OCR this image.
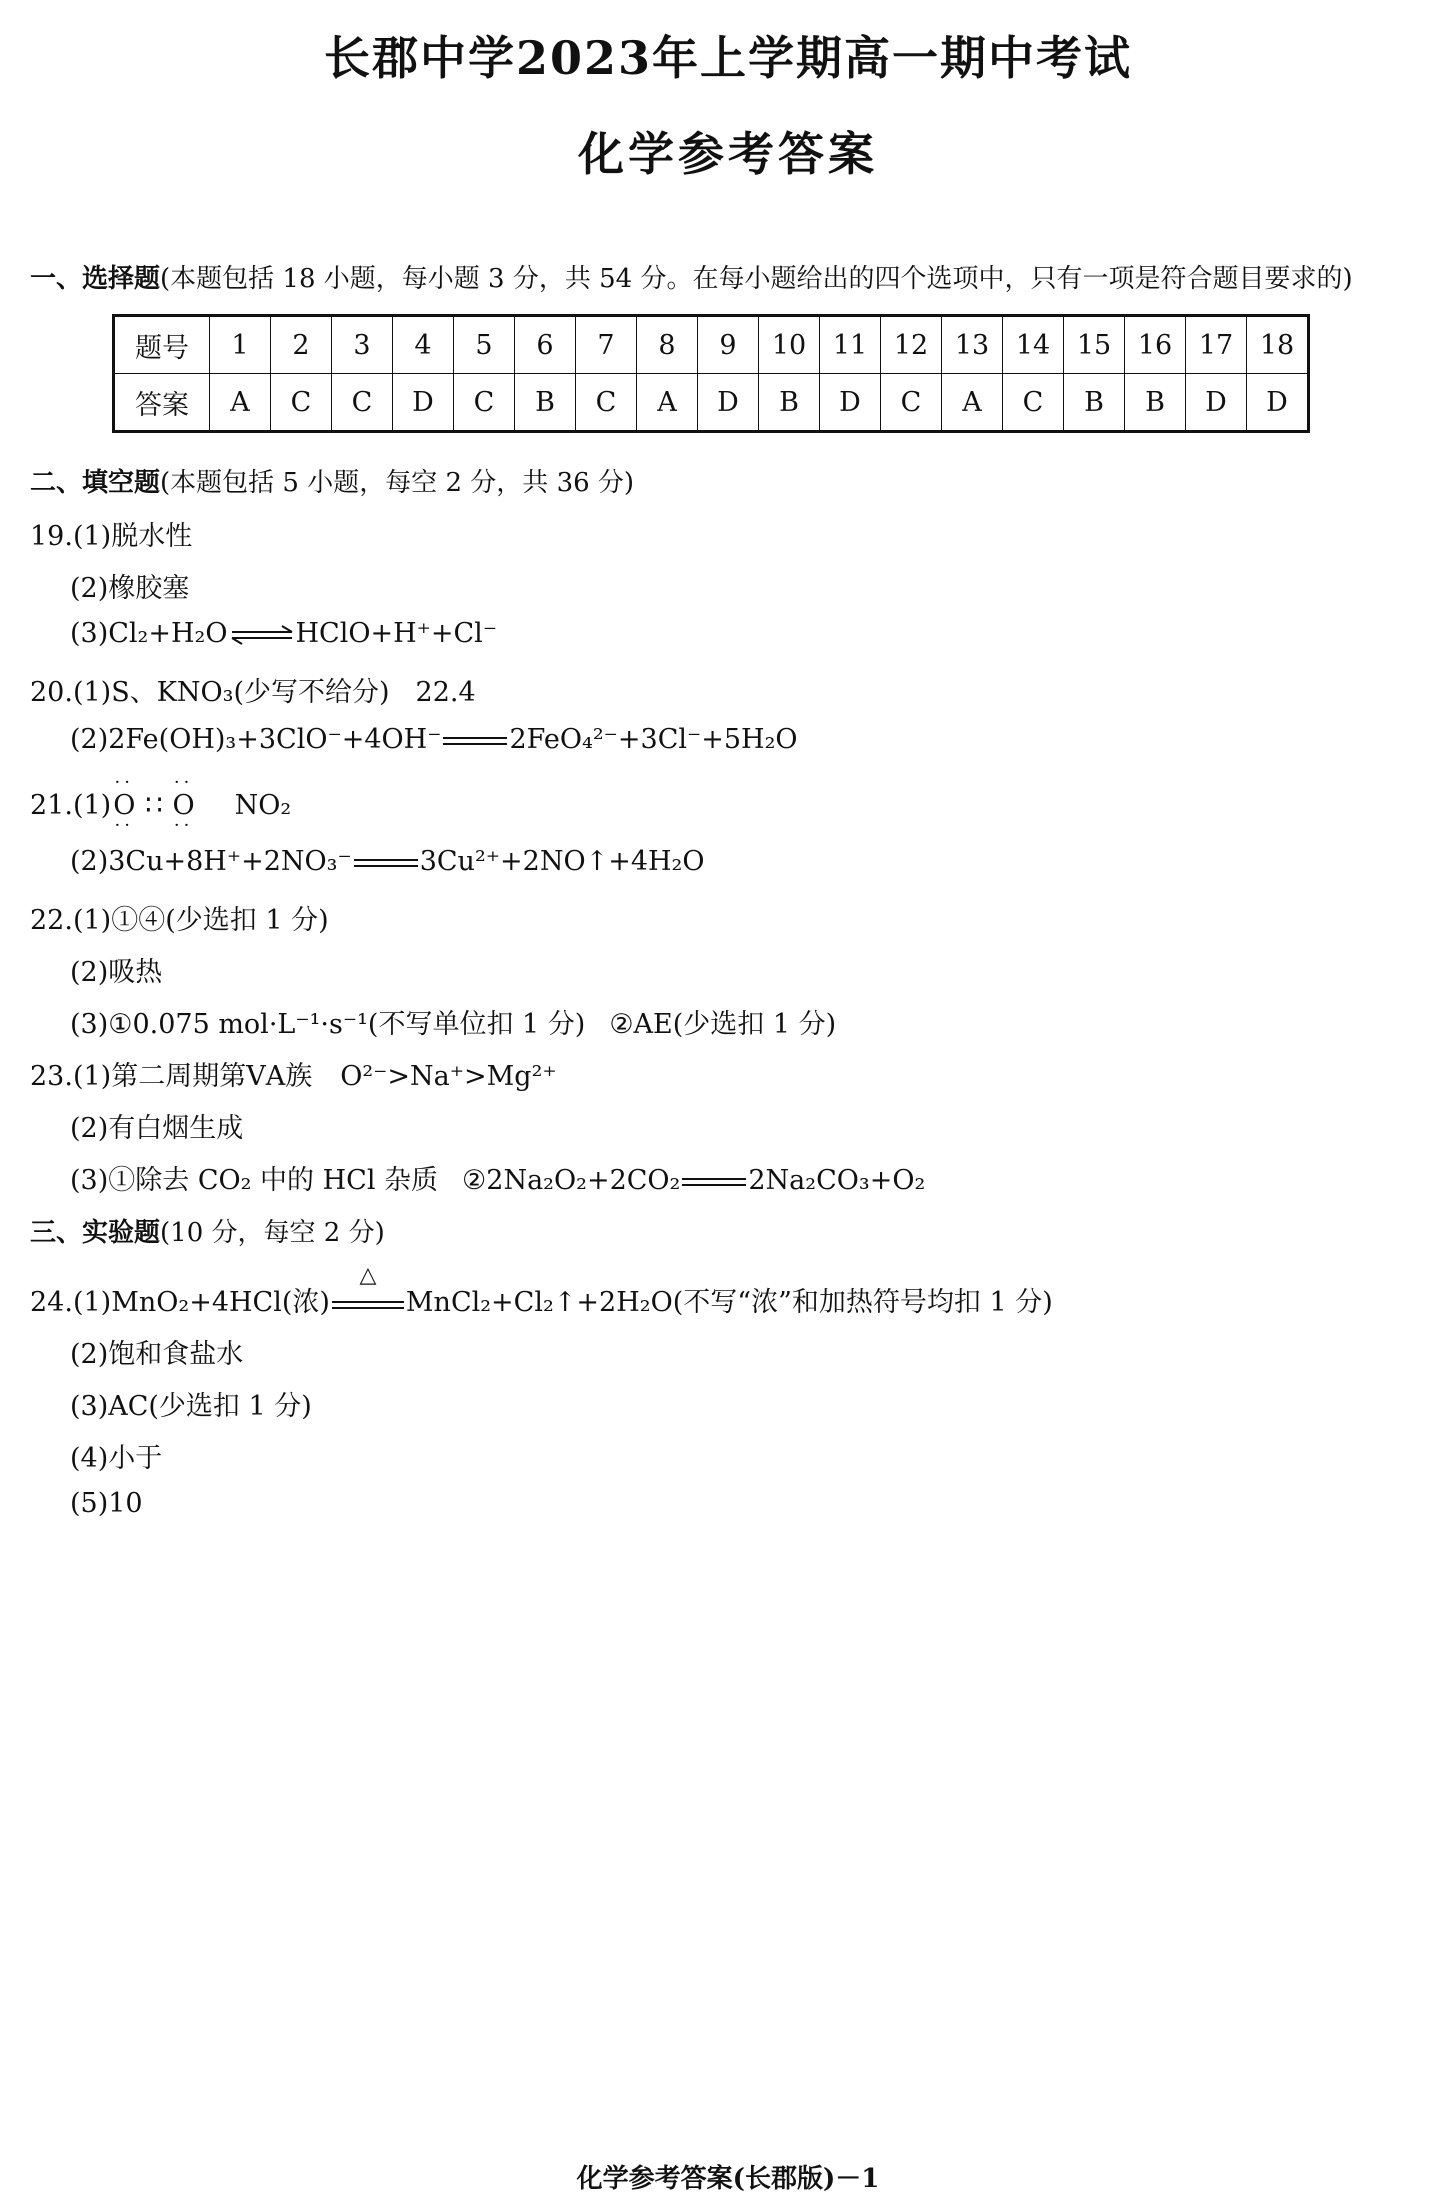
长郡中学2023年上学期高一期中考试
化学参考答案
一、选择题(本题包括 18 小题，每小题 3 分，共 54 分。在每小题给出的四个选项中，只有一项是符合题目要求的)
题号	1	2	3	4	5	6	7	8	9	10	11	12	13	14	15	16	17	18
答案	A	C	C	D	C	B	C	A	D	B	D	C	A	C	B	B	D	D
二、填空题(本题包括 5 小题，每空 2 分，共 36 分)
19.(1)脱水性
(2)橡胶塞
(3)Cl₂+H₂O ⇌ HClO+H⁺+Cl⁻
20.(1)S、KNO₃(少写不给分) 22.4
(2)2Fe(OH)₃+3ClO⁻+4OH⁻	2FeO₄²⁻+3Cl⁻+5H₂O
21.(1)
··
O
··
∷
··
O
··
NO₂
(2)3Cu+8H⁺+2NO₃⁻	3Cu²⁺+2NO↑+4H₂O
22.(1)①④(少选扣 1 分)
(2)吸热
(3)①0.075 mol·L⁻¹·s⁻¹(不写单位扣 1 分) ②AE(少选扣 1 分)
23.(1)第二周期第ⅤA族 O²⁻>Na⁺>Mg²⁺
(2)有白烟生成
(3)①除去 CO₂ 中的 HCl 杂质 ②2Na₂O₂+2CO₂	2Na₂CO₃+O₂
三、实验题(10 分，每空 2 分)
24.(1)MnO₂+4HCl(浓)
△
MnCl₂+Cl₂↑+2H₂O(不写“浓”和加热符号均扣 1 分)
(2)饱和食盐水
(3)AC(少选扣 1 分)
(4)小于
(5)10
化学参考答案(长郡版)－1
